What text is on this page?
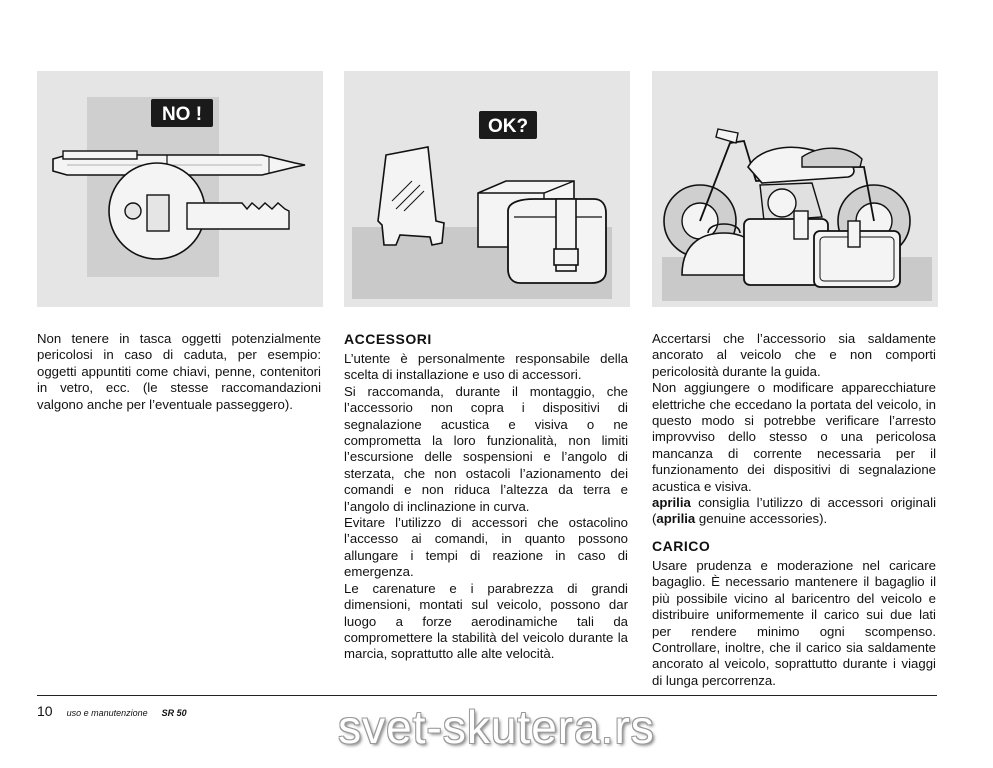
NO !
OK?

Non tenere in tasca oggetti potenzialmente pericolosi in caso di caduta, per esempio: oggetti appuntiti come chiavi, penne, contenitori in vetro, ecc. (le stesse raccomandazioni valgono anche per l’eventuale passeggero).

ACCESSORI

L’utente è personalmente responsabile della scelta di installazione e uso di accessori.

Si raccomanda, durante il montaggio, che l’accessorio non copra i dispositivi di segnalazione acustica e visiva o ne comprometta la loro funzionalità, non limiti l’escursione delle sospensioni e l’angolo di sterzata, che non ostacoli l’azionamento dei comandi e non riduca l’altezza da terra e l’angolo di inclinazione in curva.

Evitare l’utilizzo di accessori che ostacolino l’accesso ai comandi, in quanto possono allungare i tempi di reazione in caso di emergenza.

Le carenature e i parabrezza di grandi dimensioni, montati sul veicolo, possono dar luogo a forze aerodinamiche tali da compromettere la stabilità del veicolo durante la marcia, soprattutto alle alte velocità.

Accertarsi che l’accessorio sia saldamente ancorato al veicolo che e non comporti pericolosità durante la guida.

Non aggiungere o modificare apparecchiature elettriche che eccedano la portata del veicolo, in questo modo si potrebbe verificare l’arresto improvviso dello stesso o una pericolosa mancanza di corrente necessaria per il funzionamento dei dispositivi di segnalazione acustica e visiva.

aprilia consiglia l’utilizzo di accessori originali (aprilia genuine accessories).

CARICO

Usare prudenza e moderazione nel caricare bagaglio. È necessario mantenere il bagaglio il più possibile vicino al baricentro del veicolo e distribuire uniformemente il carico sui due lati per rendere minimo ogni scompenso. Controllare, inoltre, che il carico sia saldamente ancorato al veicolo, soprattutto durante i viaggi di lunga percorrenza.

10 uso e manutenzione SR 50	svet-skutera.rs
